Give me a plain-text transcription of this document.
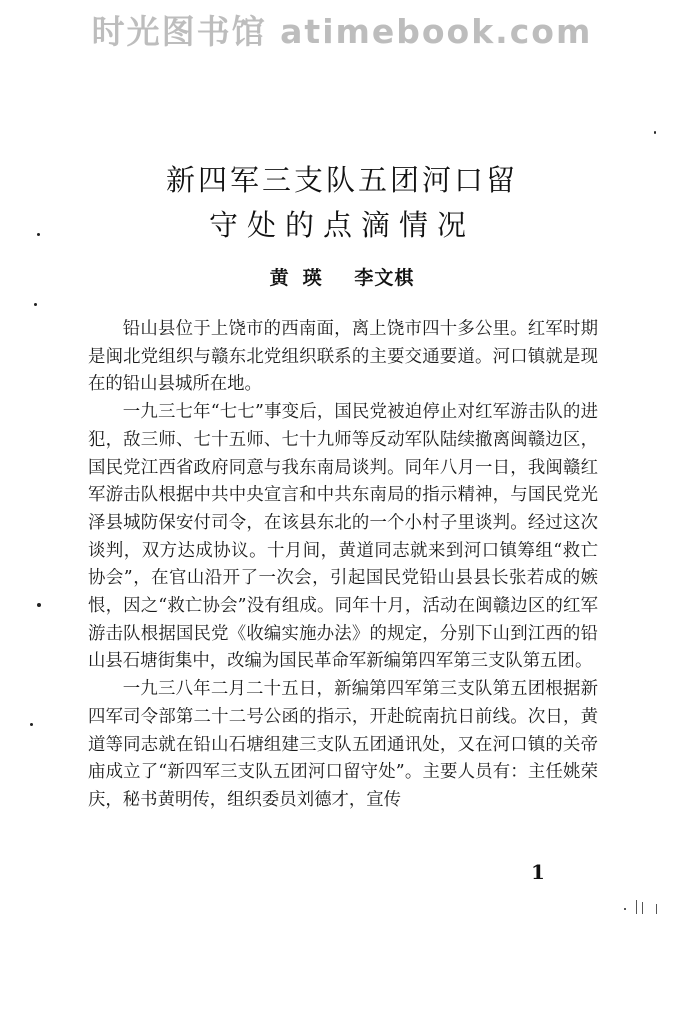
时光图书馆 atimebook.com
新四军三支队五团河口留
守处的点滴情况
黄瑛 李文棋

铅山县位于上饶市的西南面，离上饶市四十多公里。红军时期是闽北党组织与赣东北党组织联系的主要交通要道。河口镇就是现在的铅山县城所在地。

一九三七年“七七”事变后，国民党被迫停止对红军游击队的进犯，敌三师、七十五师、七十九师等反动军队陆续撤离闽赣边区，国民党江西省政府同意与我东南局谈判。同年八月一日，我闽赣红军游击队根据中共中央宣言和中共东南局的指示精神，与国民党光泽县城防保安付司令，在该县东北的一个小村子里谈判。经过这次谈判，双方达成协议。十月间，黄道同志就来到河口镇筹组“救亡协会”，在官山沿开了一次会，引起国民党铅山县县长张若成的嫉恨，因之“救亡协会”没有组成。同年十月，活动在闽赣边区的红军游击队根据国民党《收编实施办法》的规定，分别下山到江西的铅山县石塘街集中，改编为国民革命军新编第四军第三支队第五团。

一九三八年二月二十五日，新编第四军第三支队第五团根据新四军司令部第二十二号公函的指示，开赴皖南抗日前线。次日，黄道等同志就在铅山石塘组建三支队五团通讯处，又在河口镇的关帝庙成立了“新四军三支队五团河口留守处”。主要人员有：主任姚荣庆，秘书黄明传，组织委员刘德才，宣传

1
